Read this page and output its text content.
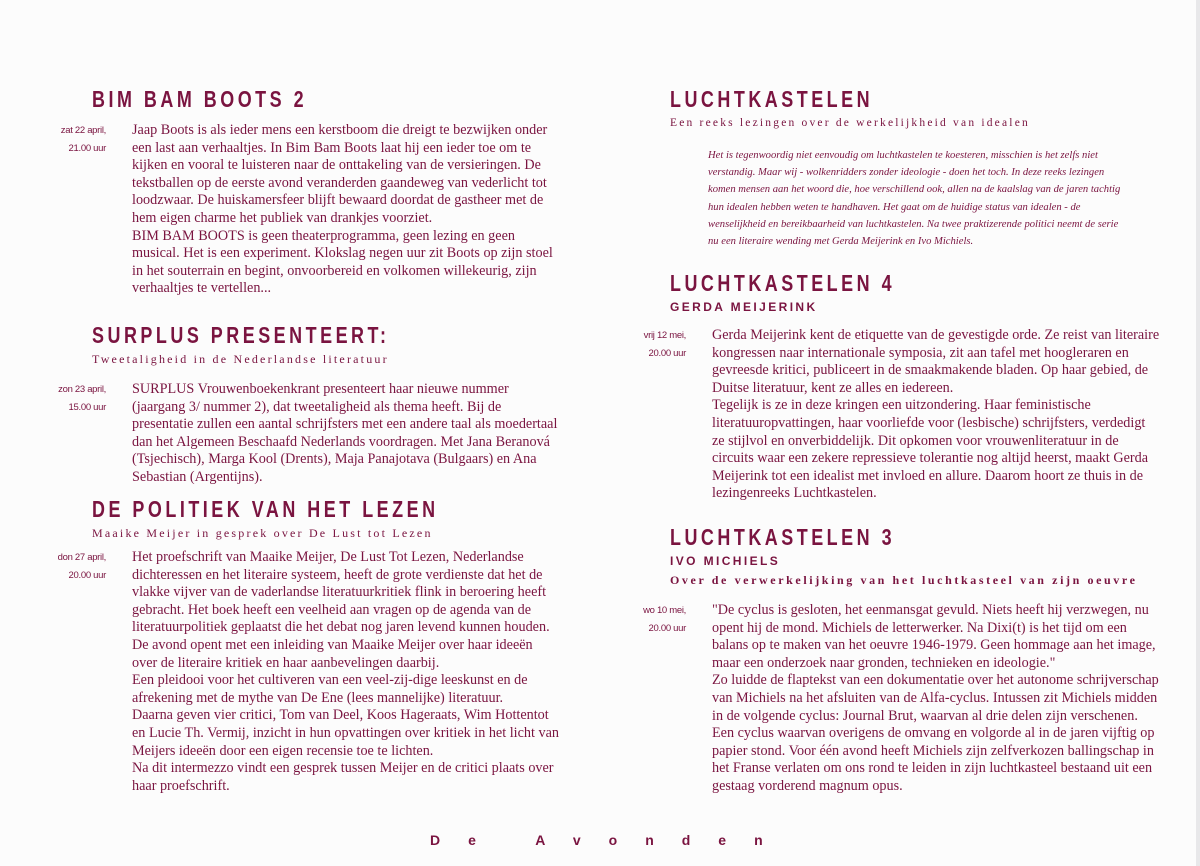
BIM BAM BOOTS 2
zat 22 april,
21.00 uur

Jaap Boots is als ieder mens een kerstboom die dreigt te bezwijken onder een last aan verhaaltjes. In Bim Bam Boots laat hij een ieder toe om te kijken en vooral te luisteren naar de onttakeling van de versieringen. De tekstballen op de eerste avond veranderden gaandeweg van vederlicht tot loodzwaar. De huiskamersfeer blijft bewaard doordat de gastheer met de hem eigen charme het publiek van drankjes voorziet.

BIM BAM BOOTS is geen theaterprogramma, geen lezing en geen musical. Het is een experiment. Klokslag negen uur zit Boots op zijn stoel in het souterrain en begint, onvoorbereid en volkomen willekeurig, zijn verhaaltjes te vertellen...

SURPLUS PRESENTEERT:
Tweetaligheid in de Nederlandse literatuur
zon 23 april,
15.00 uur

SURPLUS Vrouwenboekenkrant presenteert haar nieuwe nummer (jaargang 3/ nummer 2), dat tweetaligheid als thema heeft. Bij de presentatie zullen een aantal schrijfsters met een andere taal als moedertaal dan het Algemeen Beschaafd Nederlands voordragen. Met Jana Beranová (Tsjechisch), Marga Kool (Drents), Maja Panajotava (Bulgaars) en Ana Sebastian (Argentijns).

DE POLITIEK VAN HET LEZEN
Maaike Meijer in gesprek over De Lust tot Lezen
don 27 april,
20.00 uur

Het proefschrift van Maaike Meijer, De Lust Tot Lezen, Nederlandse dichteressen en het literaire systeem, heeft de grote verdienste dat het de vlakke vijver van de vaderlandse literatuurkritiek flink in beroering heeft gebracht. Het boek heeft een veelheid aan vragen op de agenda van de literatuurpolitiek geplaatst die het debat nog jaren levend kunnen houden.

De avond opent met een inleiding van Maaike Meijer over haar ideeën over de literaire kritiek en haar aanbevelingen daarbij.

Een pleidooi voor het cultiveren van een veel-zij-dige leeskunst en de afrekening met de mythe van De Ene (lees mannelijke) literatuur.

Daarna geven vier critici, Tom van Deel, Koos Hageraats, Wim Hottentot en Lucie Th. Vermij, inzicht in hun opvattingen over kritiek in het licht van Meijers ideeën door een eigen recensie toe te lichten.

Na dit intermezzo vindt een gesprek tussen Meijer en de critici plaats over haar proefschrift.

LUCHTKASTELEN
Een reeks lezingen over de werkelijkheid van idealen
Het is tegenwoordig niet eenvoudig om luchtkastelen te koesteren, misschien is het zelfs niet verstandig. Maar wij - wolkenridders zonder ideologie - doen het toch. In deze reeks lezingen komen mensen aan het woord die, hoe verschillend ook, allen na de kaalslag van de jaren tachtig hun idealen hebben weten te handhaven. Het gaat om de huidige status van idealen - de wenselijkheid en bereikbaarheid van luchtkastelen. Na twee praktizerende politici neemt de serie nu een literaire wending met Gerda Meijerink en Ivo Michiels.
LUCHTKASTELEN 4
GERDA MEIJERINK
vrij 12 mei,
20.00 uur

Gerda Meijerink kent de etiquette van de gevestigde orde. Ze reist van literaire kongressen naar internationale symposia, zit aan tafel met hoogleraren en gevreesde kritici, publiceert in de smaakmakende bladen. Op haar gebied, de Duitse literatuur, kent ze alles en iedereen.

Tegelijk is ze in deze kringen een uitzondering. Haar feministische literatuuropvattingen, haar voorliefde voor (lesbische) schrijfsters, verdedigt ze stijlvol en onverbiddelijk. Dit opkomen voor vrouwenliteratuur in de circuits waar een zekere repressieve tolerantie nog altijd heerst, maakt Gerda Meijerink tot een idealist met invloed en allure. Daarom hoort ze thuis in de lezingenreeks Luchtkastelen.

LUCHTKASTELEN 3
IVO MICHIELS
Over de verwerkelijking van het luchtkasteel van zijn oeuvre
wo 10 mei,
20.00 uur

"De cyclus is gesloten, het eenmansgat gevuld. Niets heeft hij verzwegen, nu opent hij de mond. Michiels de letterwerker. Na Dixi(t) is het tijd om een balans op te maken van het oeuvre 1946-1979. Geen hommage aan het image, maar een onderzoek naar gronden, technieken en ideologie."

Zo luidde de flaptekst van een dokumentatie over het autonome schrijverschap van Michiels na het afsluiten van de Alfa-cyclus. Intussen zit Michiels midden in de volgende cyclus: Journal Brut, waarvan al drie delen zijn verschenen. Een cyclus waarvan overigens de omvang en volgorde al in de jaren vijftig op papier stond. Voor één avond heeft Michiels zijn zelfverkozen ballingschap in het Franse verlaten om ons rond te leiden in zijn luchtkasteel bestaand uit een gestaag vorderend magnum opus.

De Avonden
